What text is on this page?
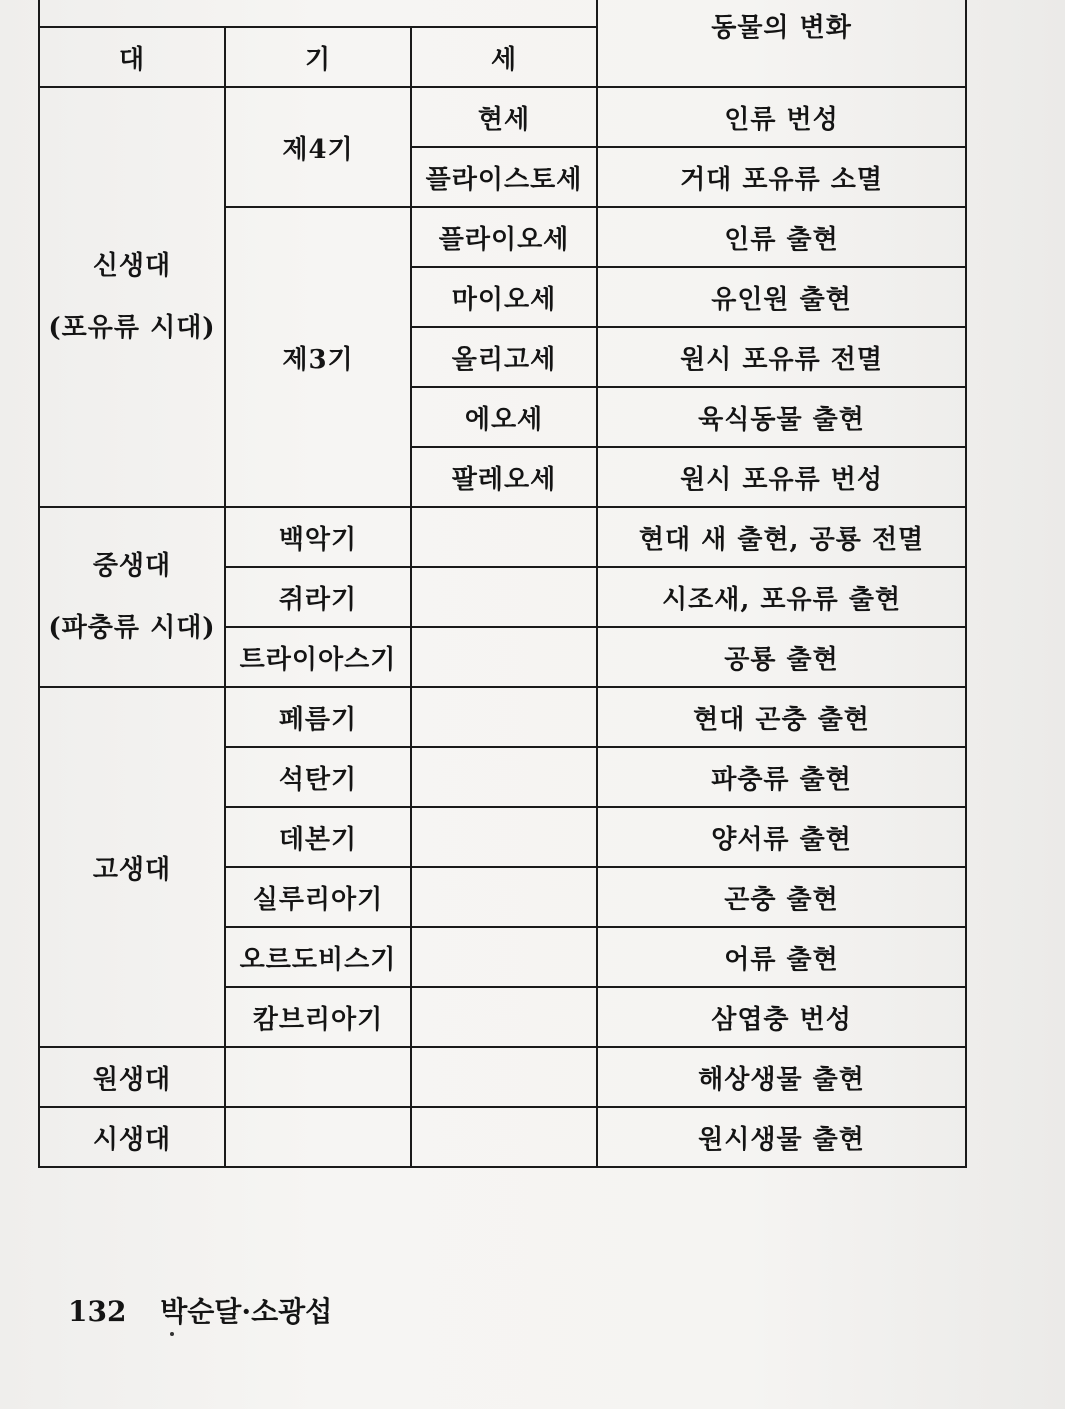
	동물의 변화
대	기	세	

신생대
(포유류 시대)	제4기	현세	인류 번성
		플라이스토세	거대 포유류 소멸
	제3기	플라이오세	인류 출현
		마이오세	유인원 출현
		올리고세	원시 포유류 전멸
		에오세	육식동물 출현
		팔레오세	원시 포유류 번성

중생대
(파충류 시대)	백악기		현대 새 출현, 공룡 전멸
	쥐라기		시조새, 포유류 출현
	트라이아스기		공룡 출현
고생대	페름기		현대 곤충 출현
	석탄기		파충류 출현
	데본기		양서류 출현
	실루리아기		곤충 출현
	오르도비스기		어류 출현
	캄브리아기		삼엽충 번성
원생대			해상생물 출현
시생대			원시생물 출현
132 박순달·소광섭
